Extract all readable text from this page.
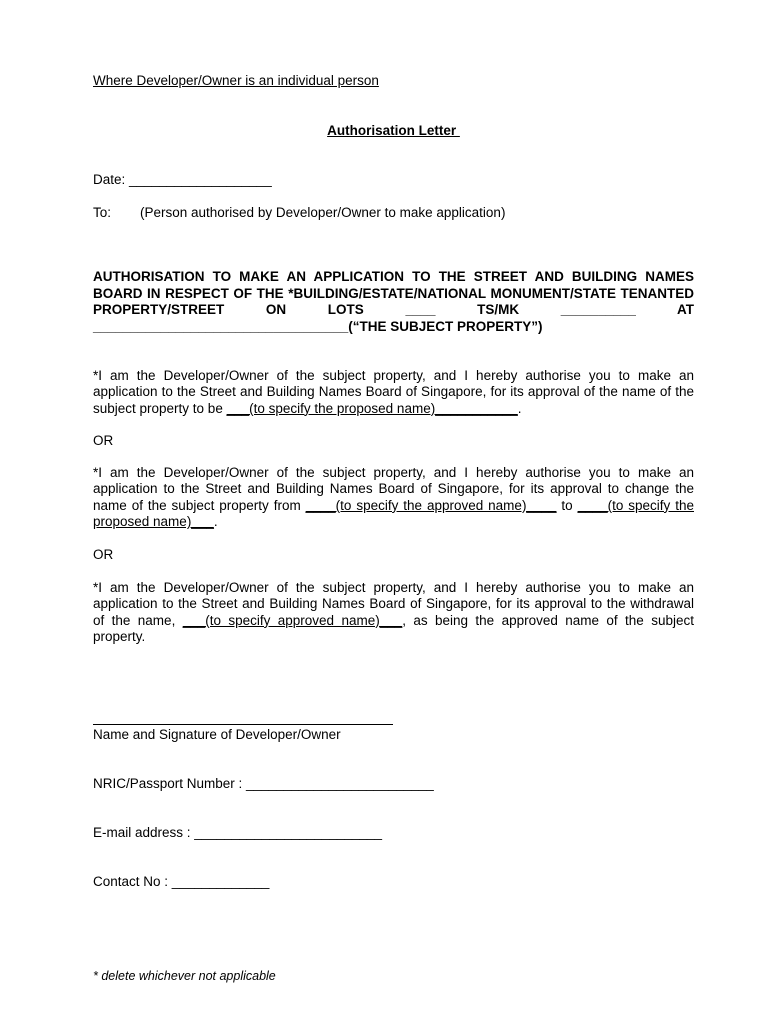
Where Developer/Owner is an individual person
Authorisation Letter
Date: ___________________
To: (Person authorised by Developer/Owner to make application)
AUTHORISATION TO MAKE AN APPLICATION TO THE STREET AND BUILDING NAMES BOARD IN RESPECT OF THE *BUILDING/ESTATE/NATIONAL MONUMENT/STATE TENANTED PROPERTY/STREET ON LOTS ____ TS/MK __________ AT __________________________________(“THE SUBJECT PROPERTY”)
*I am the Developer/Owner of the subject property, and I hereby authorise you to make an application to the Street and Building Names Board of Singapore, for its approval of the name of the subject property to be ___(to specify the proposed name)___________.
OR
*I am the Developer/Owner of the subject property, and I hereby authorise you to make an application to the Street and Building Names Board of Singapore, for its approval to change the name of the subject property from ____(to specify the approved name)____ to ____(to specify the proposed name)___.
OR
*I am the Developer/Owner of the subject property, and I hereby authorise you to make an application to the Street and Building Names Board of Singapore, for its approval to the withdrawal of the name, ___(to specify approved name)___, as being the approved name of the subject property.
Name and Signature of Developer/Owner
NRIC/Passport Number : _________________________
E-mail address : _________________________
Contact No : _____________
* delete whichever not applicable
